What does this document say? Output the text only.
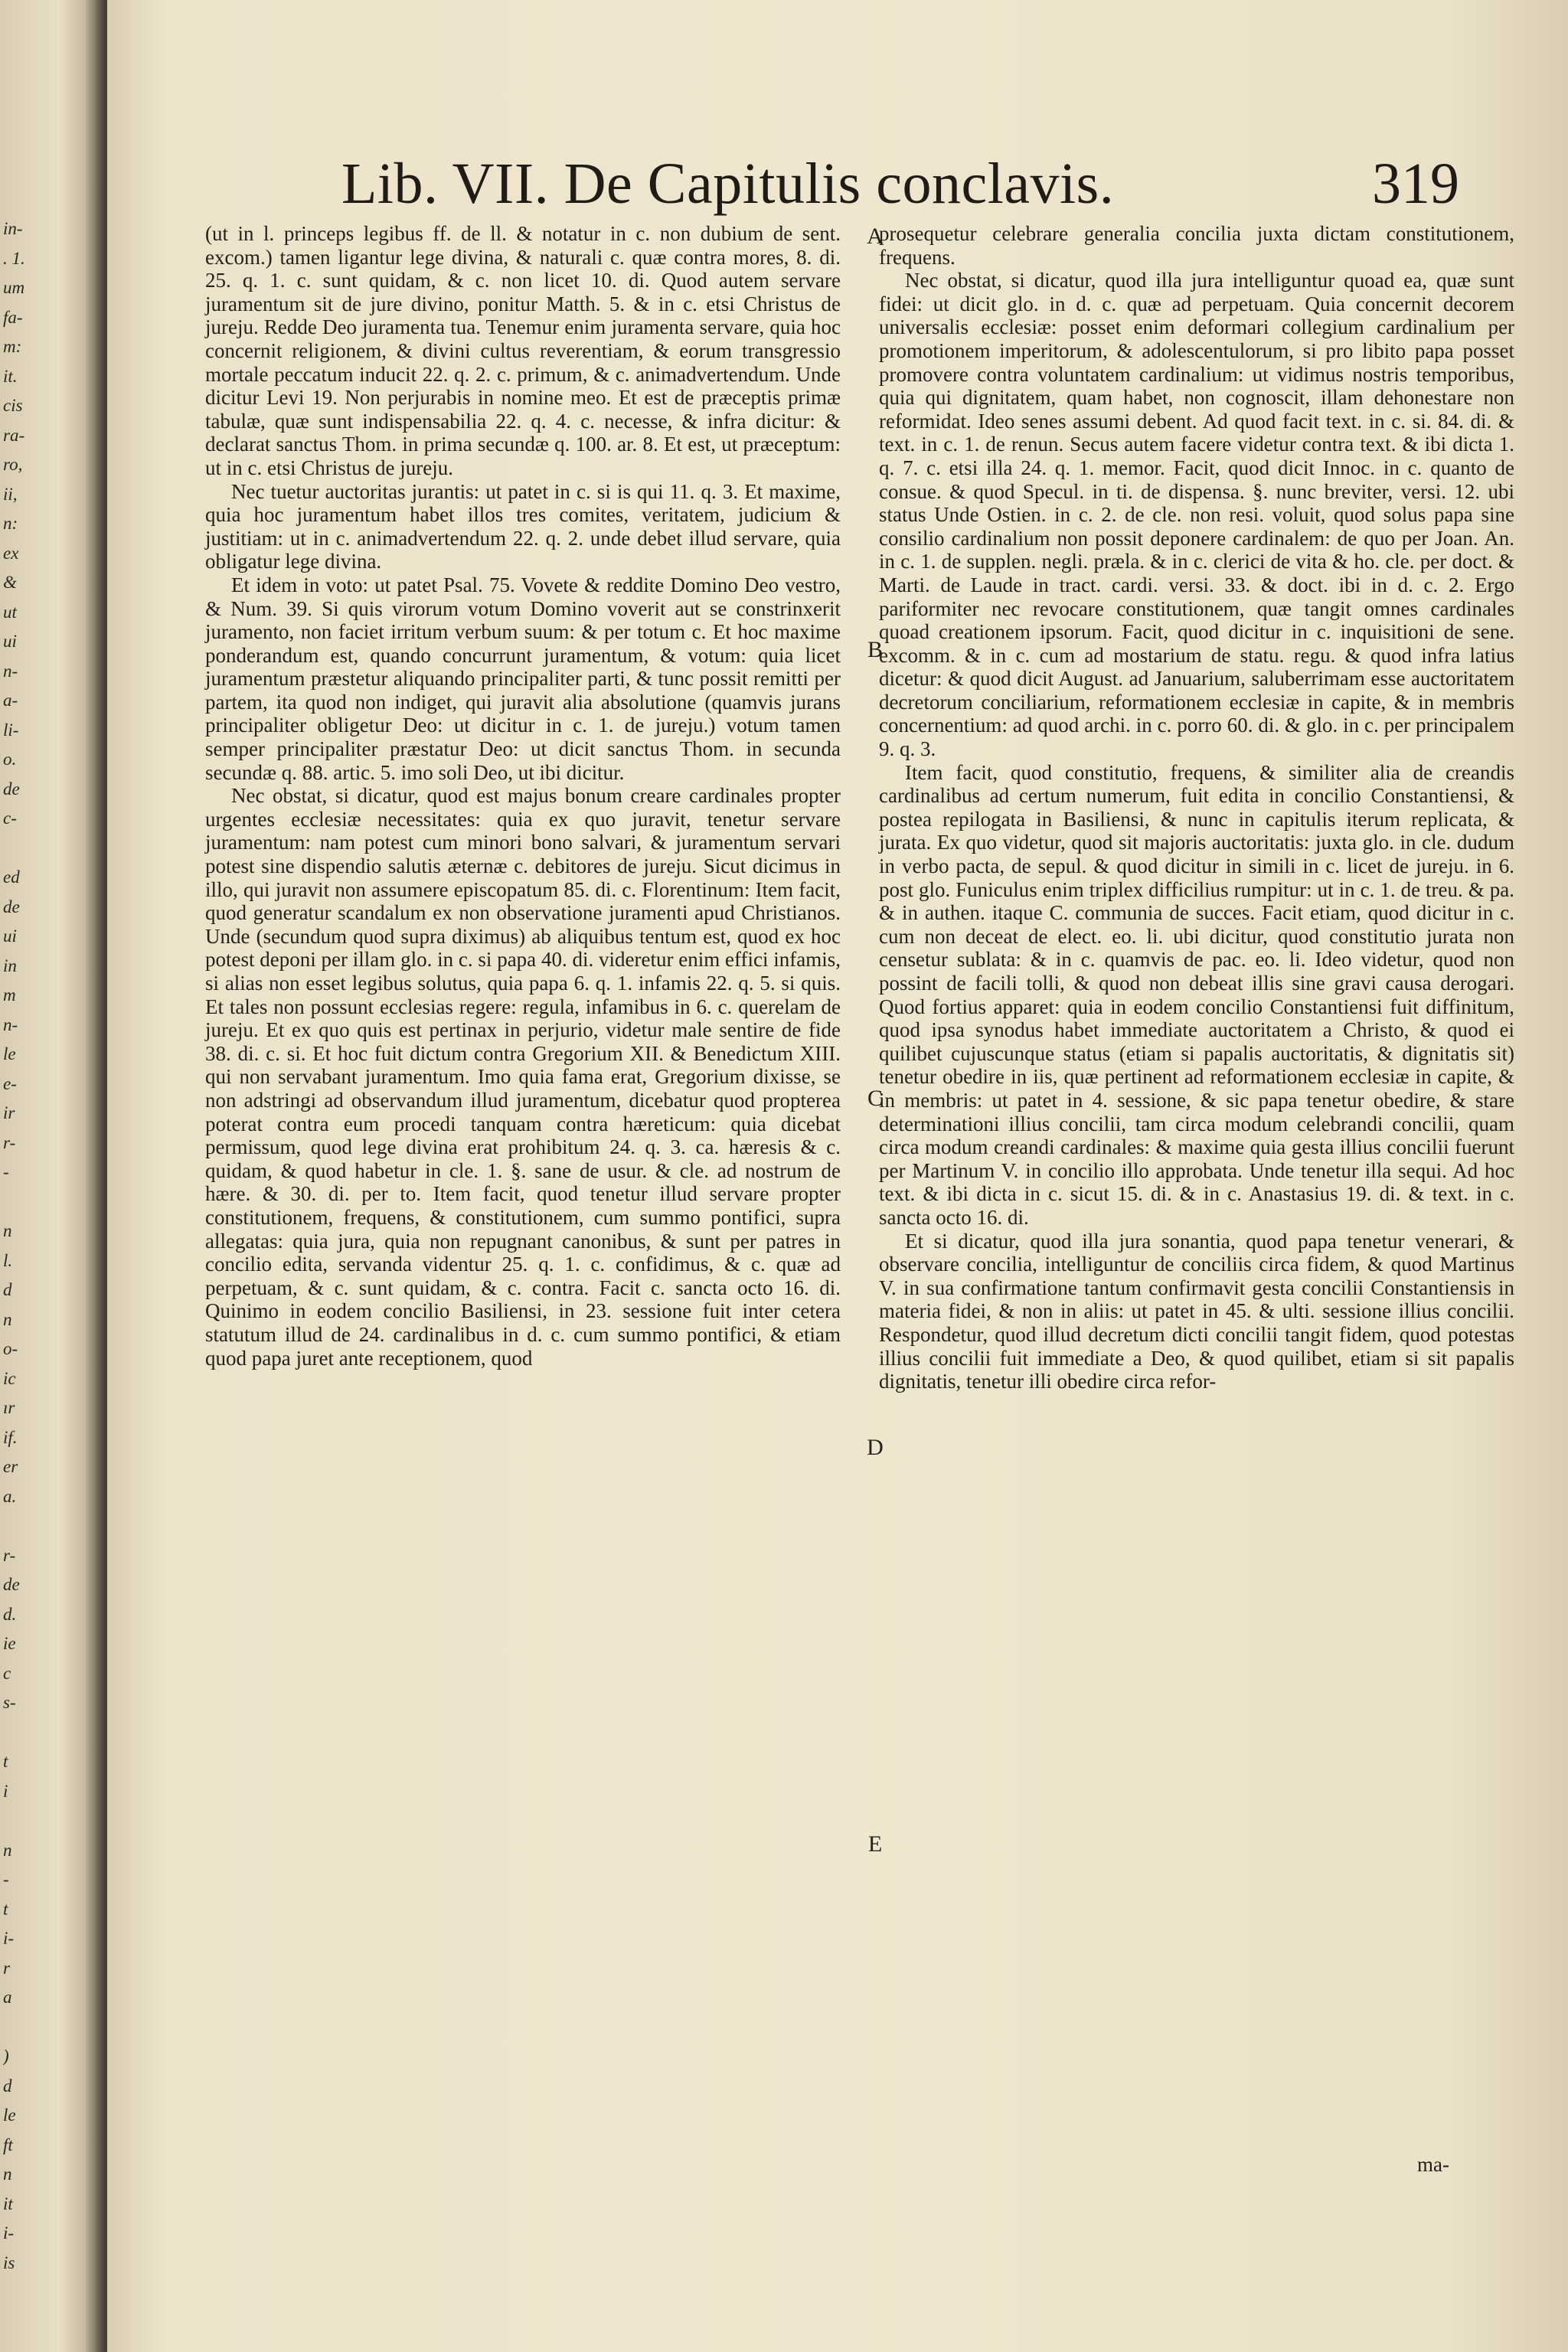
in-
. 1.
um
fa-
m:
it.
cis
ra-
ro,
ii,
n:
ex
&
ut
ui
n-
a-
li-
o.
de
c-
ed
de
ui
in
m
n-
le
e-
ir
r-
-
n
l.
d
n
o-
ic
ır
if.
er
a.
r-
de
d.
ie
c
s-
t
i
n
-
t
i-
r
a
)
d
le
ft
n
it
i-
is
Lib. VII. De Capitulis conclavis.	319

(ut in l. princeps legibus ff. de ll. & notatur in c. non dubium de sent. excom.) tamen ligantur lege divina, & naturali c. quæ contra mores, 8. di. 25. q. 1. c. sunt quidam, & c. non licet 10. di. Quod autem servare juramentum sit de jure divino, ponitur Matth. 5. & in c. etsi Christus de jureju. Redde Deo juramenta tua. Tenemur enim juramenta servare, quia hoc concernit religionem, & divini cultus reverentiam, & eorum transgressio mortale peccatum inducit 22. q. 2. c. primum, & c. animadvertendum. Unde dicitur Levi 19. Non perjurabis in nomine meo. Et est de præceptis primæ tabulæ, quæ sunt indispensabilia 22. q. 4. c. necesse, & infra dicitur: & declarat sanctus Thom. in prima secundæ q. 100. ar. 8. Et est, ut præceptum: ut in c. etsi Christus de jureju.

Nec tuetur auctoritas jurantis: ut patet in c. si is qui 11. q. 3. Et maxime, quia hoc juramentum habet illos tres comites, veritatem, judicium & justitiam: ut in c. animadvertendum 22. q. 2. unde debet illud servare, quia obligatur lege divina.

Et idem in voto: ut patet Psal. 75. Vovete & reddite Domino Deo vestro, & Num. 39. Si quis virorum votum Domino voverit aut se constrinxerit juramento, non faciet irritum verbum suum: & per totum c. Et hoc maxime ponderandum est, quando concurrunt juramentum, & votum: quia licet juramentum præstetur aliquando principaliter parti, & tunc possit remitti per partem, ita quod non indiget, qui juravit alia absolutione (quamvis jurans principaliter obligetur Deo: ut dicitur in c. 1. de jureju.) votum tamen semper principaliter præstatur Deo: ut dicit sanctus Thom. in secunda secundæ q. 88. artic. 5. imo soli Deo, ut ibi dicitur.

Nec obstat, si dicatur, quod est majus bonum creare cardinales propter urgentes ecclesiæ necessitates: quia ex quo juravit, tenetur servare juramentum: nam potest cum minori bono salvari, & juramentum servari potest sine dispendio salutis æternæ c. debitores de jureju. Sicut dicimus in illo, qui juravit non assumere episcopatum 85. di. c. Florentinum: Item facit, quod generatur scandalum ex non observatione juramenti apud Christianos. Unde (secundum quod supra diximus) ab aliquibus tentum est, quod ex hoc potest deponi per illam glo. in c. si papa 40. di. videretur enim effici infamis, si alias non esset legibus solutus, quia papa 6. q. 1. infamis 22. q. 5. si quis. Et tales non possunt ecclesias regere: regula, infamibus in 6. c. querelam de jureju. Et ex quo quis est pertinax in perjurio, videtur male sentire de fide 38. di. c. si. Et hoc fuit dictum contra Gregorium XII. & Benedictum XIII. qui non servabant juramentum. Imo quia fama erat, Gregorium dixisse, se non adstringi ad observandum illud juramentum, dicebatur quod propterea poterat contra eum procedi tanquam contra hæreticum: quia dicebat permissum, quod lege divina erat prohibitum 24. q. 3. ca. hæresis & c. quidam, & quod habetur in cle. 1. §. sane de usur. & cle. ad nostrum de hære. & 30. di. per to. Item facit, quod tenetur illud servare propter constitutionem, frequens, & constitutionem, cum summo pontifici, supra allegatas: quia jura, quia non repugnant canonibus, & sunt per patres in concilio edita, servanda videntur 25. q. 1. c. confidimus, & c. quæ ad perpetuam, & c. sunt quidam, & c. contra. Facit c. sancta octo 16. di. Quinimo in eodem concilio Basiliensi, in 23. sessione fuit inter cetera statutum illud de 24. cardinalibus in d. c. cum summo pontifici, & etiam quod papa juret ante receptionem, quod

A
B
C
D
E

prosequetur celebrare generalia concilia juxta dictam constitutionem, frequens.

Nec obstat, si dicatur, quod illa jura intelliguntur quoad ea, quæ sunt fidei: ut dicit glo. in d. c. quæ ad perpetuam. Quia concernit decorem universalis ecclesiæ: posset enim deformari collegium cardinalium per promotionem imperitorum, & adolescentulorum, si pro libito papa posset promovere contra voluntatem cardinalium: ut vidimus nostris temporibus, quia qui dignitatem, quam habet, non cognoscit, illam dehonestare non reformidat. Ideo senes assumi debent. Ad quod facit text. in c. si. 84. di. & text. in c. 1. de renun. Secus autem facere videtur contra text. & ibi dicta 1. q. 7. c. etsi illa 24. q. 1. memor. Facit, quod dicit Innoc. in c. quanto de consue. & quod Specul. in ti. de dispensa. §. nunc breviter, versi. 12. ubi status Unde Ostien. in c. 2. de cle. non resi. voluit, quod solus papa sine consilio cardinalium non possit deponere cardinalem: de quo per Joan. An. in c. 1. de supplen. negli. præla. & in c. clerici de vita & ho. cle. per doct. & Marti. de Laude in tract. cardi. versi. 33. & doct. ibi in d. c. 2. Ergo pariformiter nec revocare constitutionem, quæ tangit omnes cardinales quoad creationem ipsorum. Facit, quod dicitur in c. inquisitioni de sene. excomm. & in c. cum ad mostarium de statu. regu. & quod infra latius dicetur: & quod dicit August. ad Januarium, saluberrimam esse auctoritatem decretorum conciliarium, reformationem ecclesiæ in capite, & in membris concernentium: ad quod archi. in c. porro 60. di. & glo. in c. per principalem 9. q. 3.

Item facit, quod constitutio, frequens, & similiter alia de creandis cardinalibus ad certum numerum, fuit edita in concilio Constantiensi, & postea repilogata in Basiliensi, & nunc in capitulis iterum replicata, & jurata. Ex quo videtur, quod sit majoris auctoritatis: juxta glo. in cle. dudum in verbo pacta, de sepul. & quod dicitur in simili in c. licet de jureju. in 6. post glo. Funiculus enim triplex difficilius rumpitur: ut in c. 1. de treu. & pa. & in authen. itaque C. communia de succes. Facit etiam, quod dicitur in c. cum non deceat de elect. eo. li. ubi dicitur, quod constitutio jurata non censetur sublata: & in c. quamvis de pac. eo. li. Ideo videtur, quod non possint de facili tolli, & quod non debeat illis sine gravi causa derogari. Quod fortius apparet: quia in eodem concilio Constantiensi fuit diffinitum, quod ipsa synodus habet immediate auctoritatem a Christo, & quod ei quilibet cujuscunque status (etiam si papalis auctoritatis, & dignitatis sit) tenetur obedire in iis, quæ pertinent ad reformationem ecclesiæ in capite, & in membris: ut patet in 4. sessione, & sic papa tenetur obedire, & stare determinationi illius concilii, tam circa modum celebrandi concilii, quam circa modum creandi cardinales: & maxime quia gesta illius concilii fuerunt per Martinum V. in concilio illo approbata. Unde tenetur illa sequi. Ad hoc text. & ibi dicta in c. sicut 15. di. & in c. Anastasius 19. di. & text. in c. sancta octo 16. di.

Et si dicatur, quod illa jura sonantia, quod papa tenetur venerari, & observare concilia, intelliguntur de conciliis circa fidem, & quod Martinus V. in sua confirmatione tantum confirmavit gesta concilii Constantiensis in materia fidei, & non in aliis: ut patet in 45. & ulti. sessione illius concilii. Respondetur, quod illud decretum dicti concilii tangit fidem, quod potestas illius concilii fuit immediate a Deo, & quod quilibet, etiam si sit papalis dignitatis, tenetur illi obedire circa refor-

ma-
